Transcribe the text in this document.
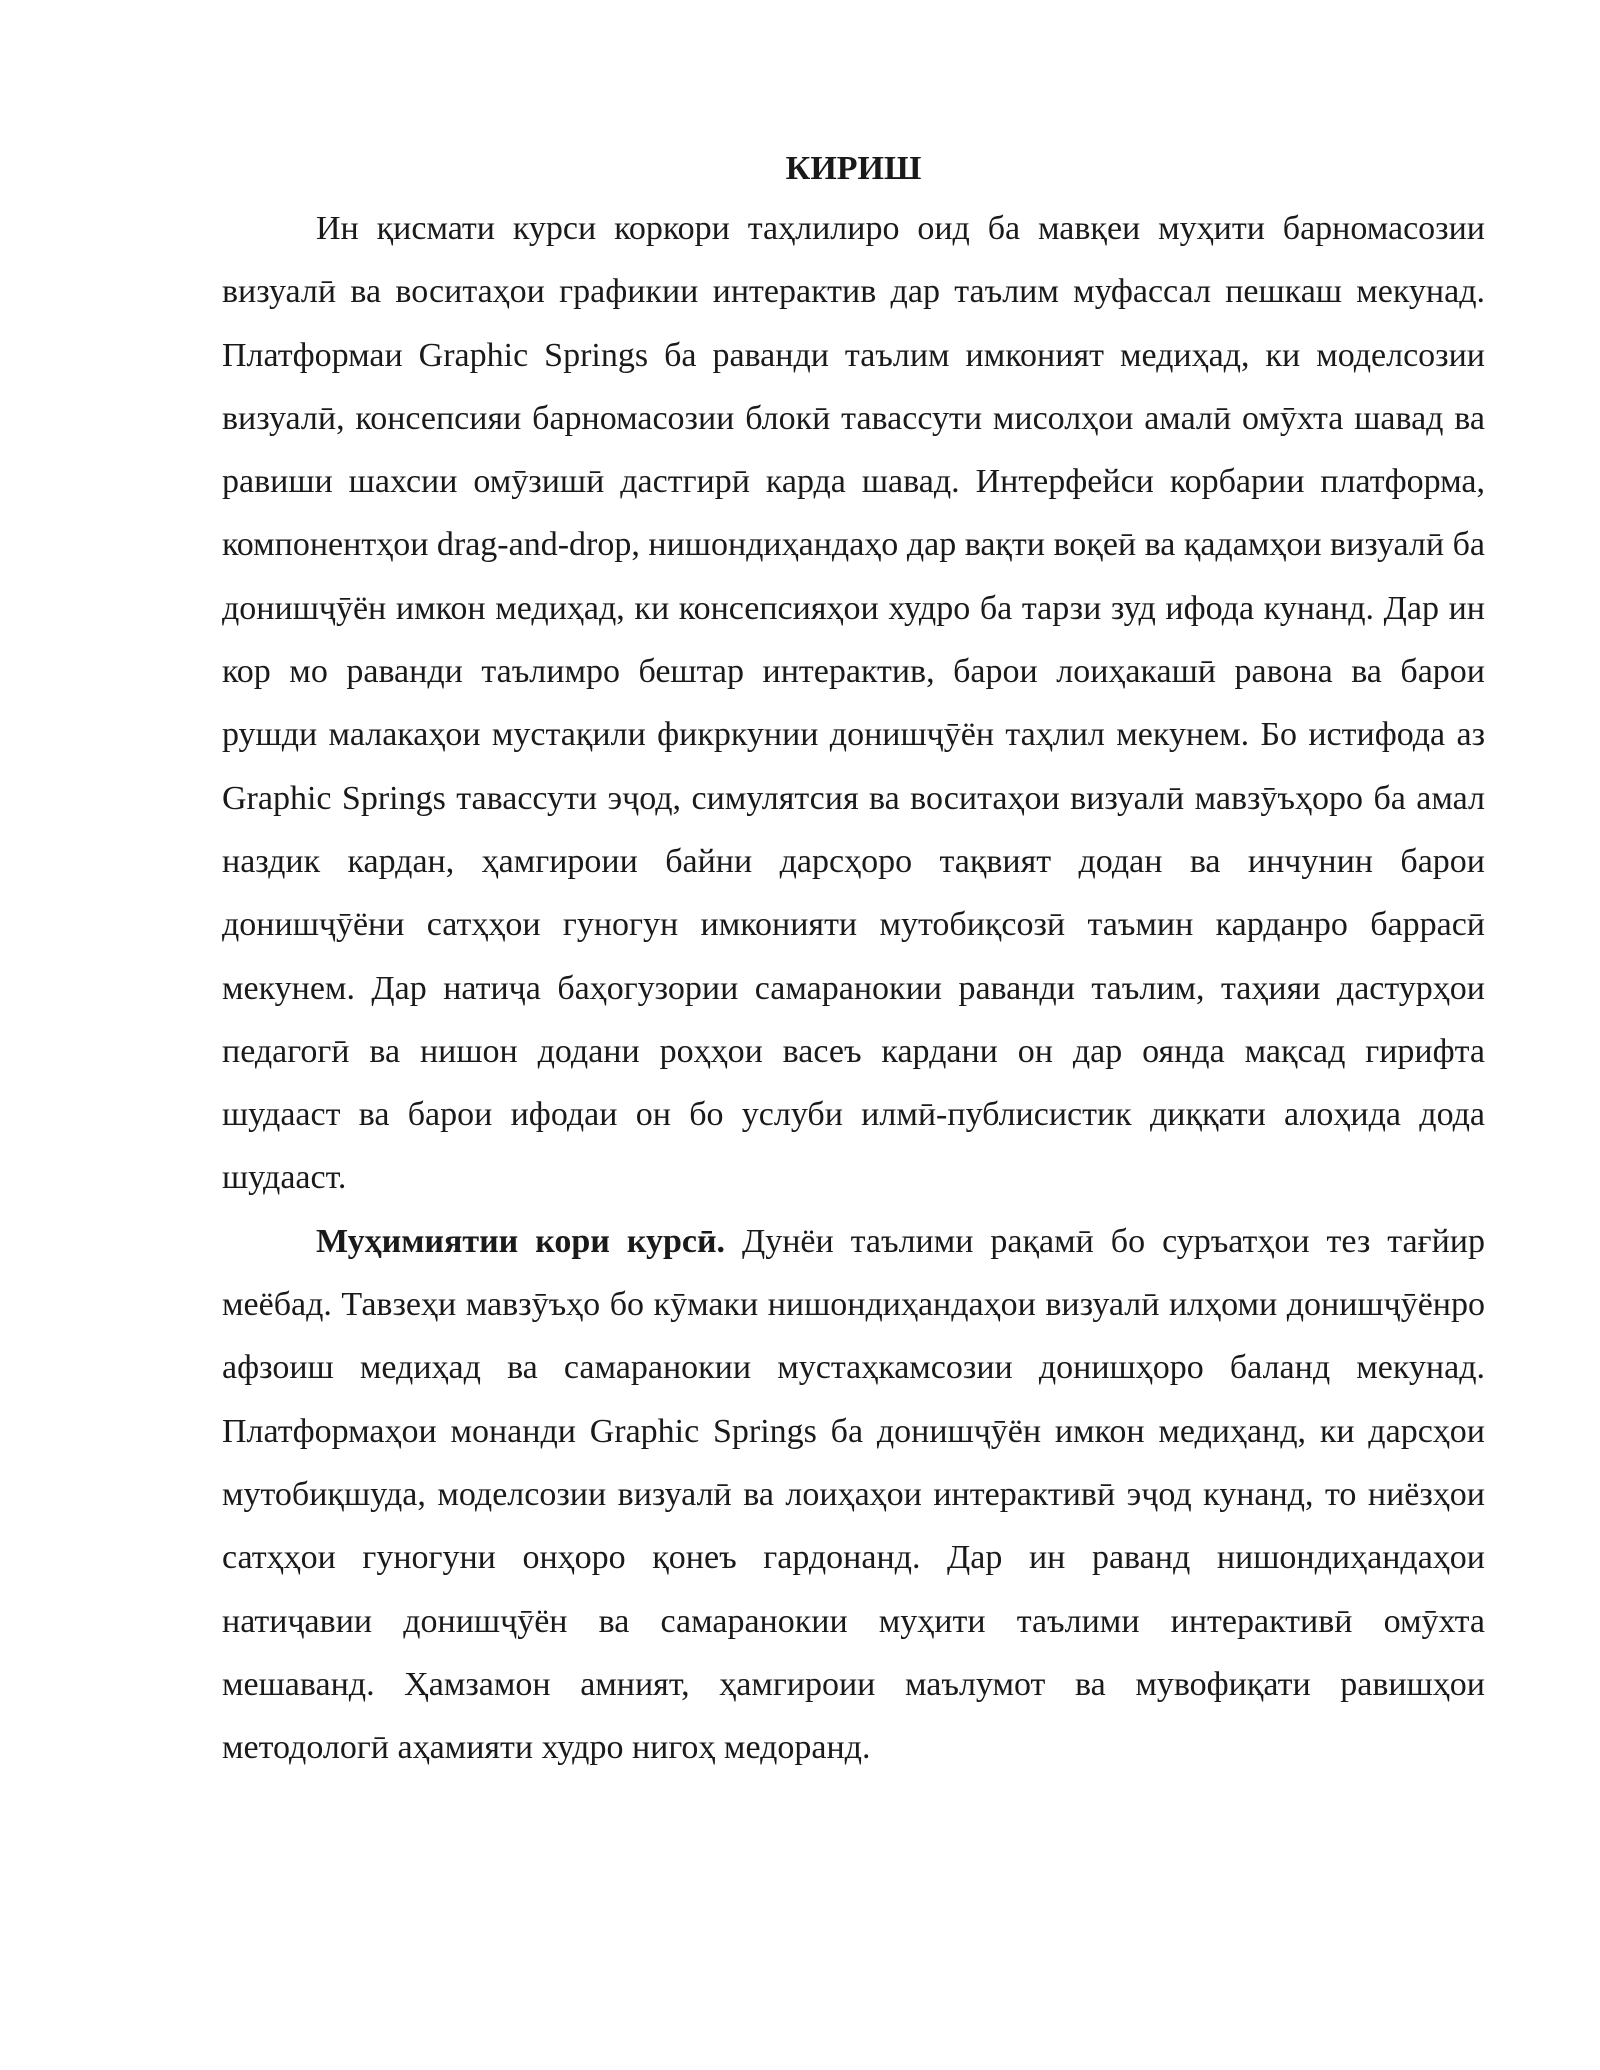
КИРИШ

Ин қисмати курси коркори таҳлилиро оид ба мавқеи муҳити барномасозии визуалӣ ва воситаҳои графикии интерактив дар таълим муфассал пешкаш мекунад. Платформаи Graphic Springs ба раванди таълим имконият медиҳад, ки моделсозии визуалӣ, консепсияи барномасозии блокӣ тавассути мисолҳои амалӣ омӯхта шавад ва равиши шахсии омӯзишӣ дастгирӣ карда шавад. Интерфейси корбарии платформа, компонентҳои drag-and-drop, нишондиҳандаҳо дар вақти воқеӣ ва қадамҳои визуалӣ ба донишҷӯён имкон медиҳад, ки консепсияҳои худро ба тарзи зуд ифода кунанд. Дар ин кор мо раванди таълимро бештар интерактив, барои лоиҳакашӣ равона ва барои рушди малакаҳои мустақили фикркунии донишҷӯён таҳлил мекунем. Бо истифода аз Graphic Springs тавассути эҷод, симулятсия ва воситаҳои визуалӣ мавзӯъҳоро ба амал наздик кардан, ҳамгироии байни дарсҳоро тақвият додан ва инчунин барои донишҷӯёни сатҳҳои гуногун имконияти мутобиқсозӣ таъмин карданро баррасӣ мекунем. Дар натиҷа баҳогузории самаранокии раванди таълим, таҳияи дастурҳои педагогӣ ва нишон додани роҳҳои васеъ кардани он дар оянда мақсад гирифта шудааст ва барои ифодаи он бо услуби илмӣ-публисистик диққати алоҳида дода шудааст.

Муҳимиятии кори курсӣ. Дунёи таълими рақамӣ бо суръатҳои тез тағйир меёбад. Тавзеҳи мавзӯъҳо бо кӯмаки нишондиҳандаҳои визуалӣ илҳоми донишҷӯёнро афзоиш медиҳад ва самаранокии мустаҳкамсозии донишҳоро баланд мекунад. Платформаҳои монанди Graphic Springs ба донишҷӯён имкон медиҳанд, ки дарсҳои мутобиқшуда, моделсозии визуалӣ ва лоиҳаҳои интерактивӣ эҷод кунанд, то ниёзҳои сатҳҳои гуногуни онҳоро қонеъ гардонанд. Дар ин раванд нишондиҳандаҳои натиҷавии донишҷӯён ва самаранокии муҳити таълими интерактивӣ омӯхта мешаванд. Ҳамзамон амният, ҳамгироии маълумот ва мувофиқати равишҳои методологӣ аҳамияти худро нигоҳ медоранд.
